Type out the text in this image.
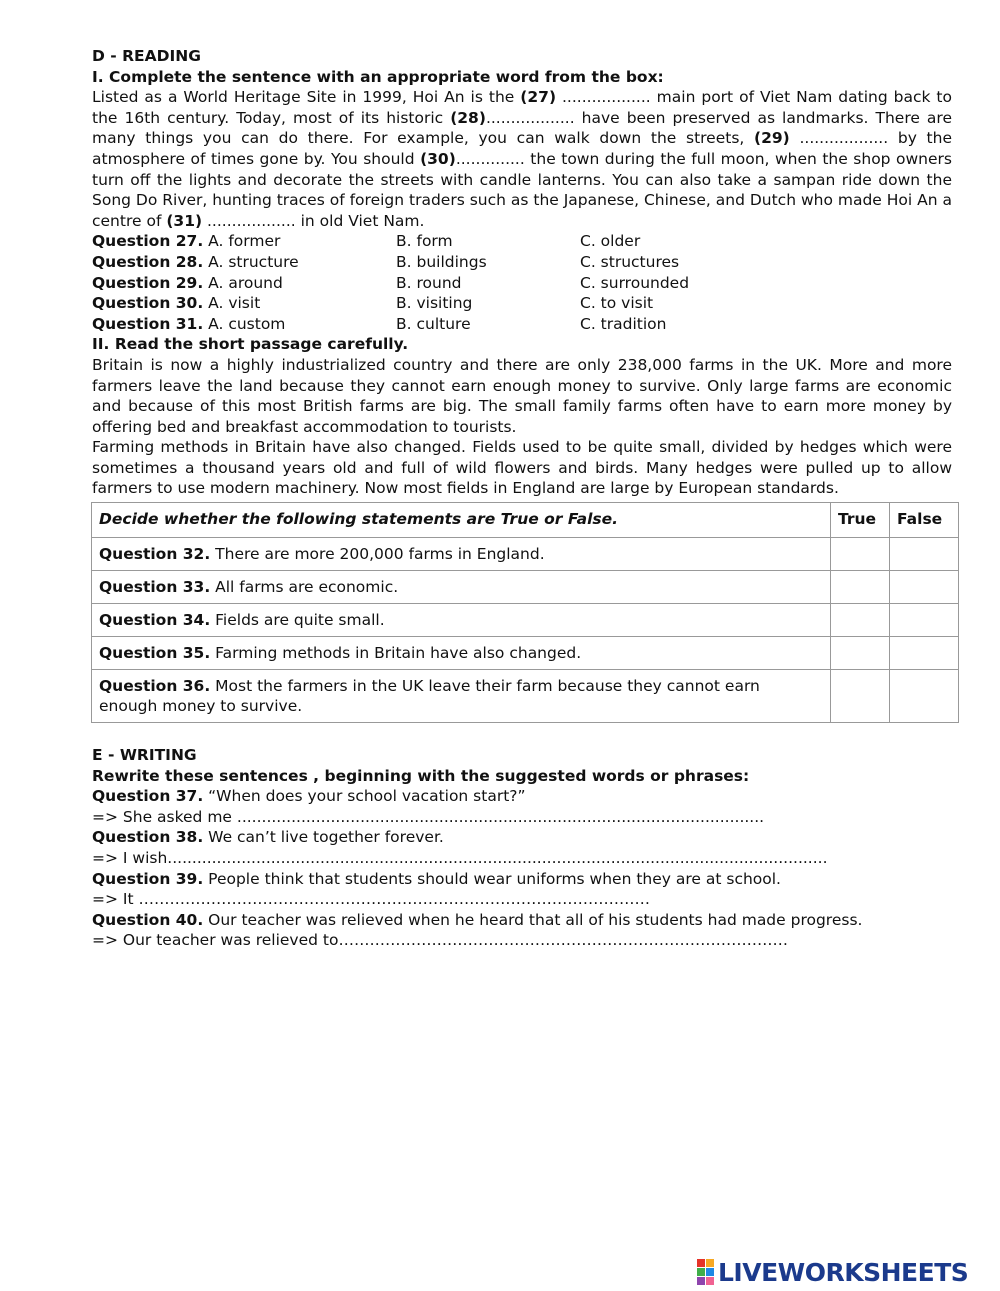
D - READING
I. Complete the sentence with an appropriate word from the box:
Listed as a World Heritage Site in 1999, Hoi An is the (27) .................. main port of Viet Nam dating back to the 16th century. Today, most of its historic (28).................. have been preserved as landmarks. There are many things you can do there. For example, you can walk down the streets, (29) .................. by the atmosphere of times gone by. You should (30).............. the town during the full moon, when the shop owners turn off the lights and decorate the streets with candle lanterns. You can also take a sampan ride down the Song Do River, hunting traces of foreign traders such as the Japanese, Chinese, and Dutch who made Hoi An a centre of (31) .................. in old Viet Nam.
Question 27. A. former	B. form	C. older
Question 28. A. structure	B. buildings	C. structures
Question 29. A. around	B. round	C. surrounded
Question 30. A. visit	B. visiting	C. to visit
Question 31. A. custom	B. culture	C. tradition
II. Read the short passage carefully.
Britain is now a highly industrialized country and there are only 238,000 farms in the UK. More and more farmers leave the land because they cannot earn enough money to survive. Only large farms are economic and because of this most British farms are big. The small family farms often have to earn more money by offering bed and breakfast accommodation to tourists.
Farming methods in Britain have also changed. Fields used to be quite small, divided by hedges which were sometimes a thousand years old and full of wild flowers and birds. Many hedges were pulled up to allow farmers to use modern machinery. Now most fields in England are large by European standards.
Decide whether the following statements are True or False.	True	False
Question 32. There are more 200,000 farms in England.		
Question 33. All farms are economic.		
Question 34. Fields are quite small.		
Question 35. Farming methods in Britain have also changed.		
Question 36. Most the farmers in the UK leave their farm because they cannot earn enough money to survive.		
E - WRITING
Rewrite these sentences , beginning with the suggested words or phrases:
Question 37. “When does your school vacation start?”
=> She asked me ...........................................................................................................
Question 38. We can’t live together forever.
=> I wish......................................................................................................................................
Question 39. People think that students should wear uniforms when they are at school.
=> It ………………………………………………………………………………………
Question 40. Our teacher was relieved when he heard that all of his students had made progress.
=> Our teacher was relieved to……………………………………………………………………………
LIVEWORKSHEETS
